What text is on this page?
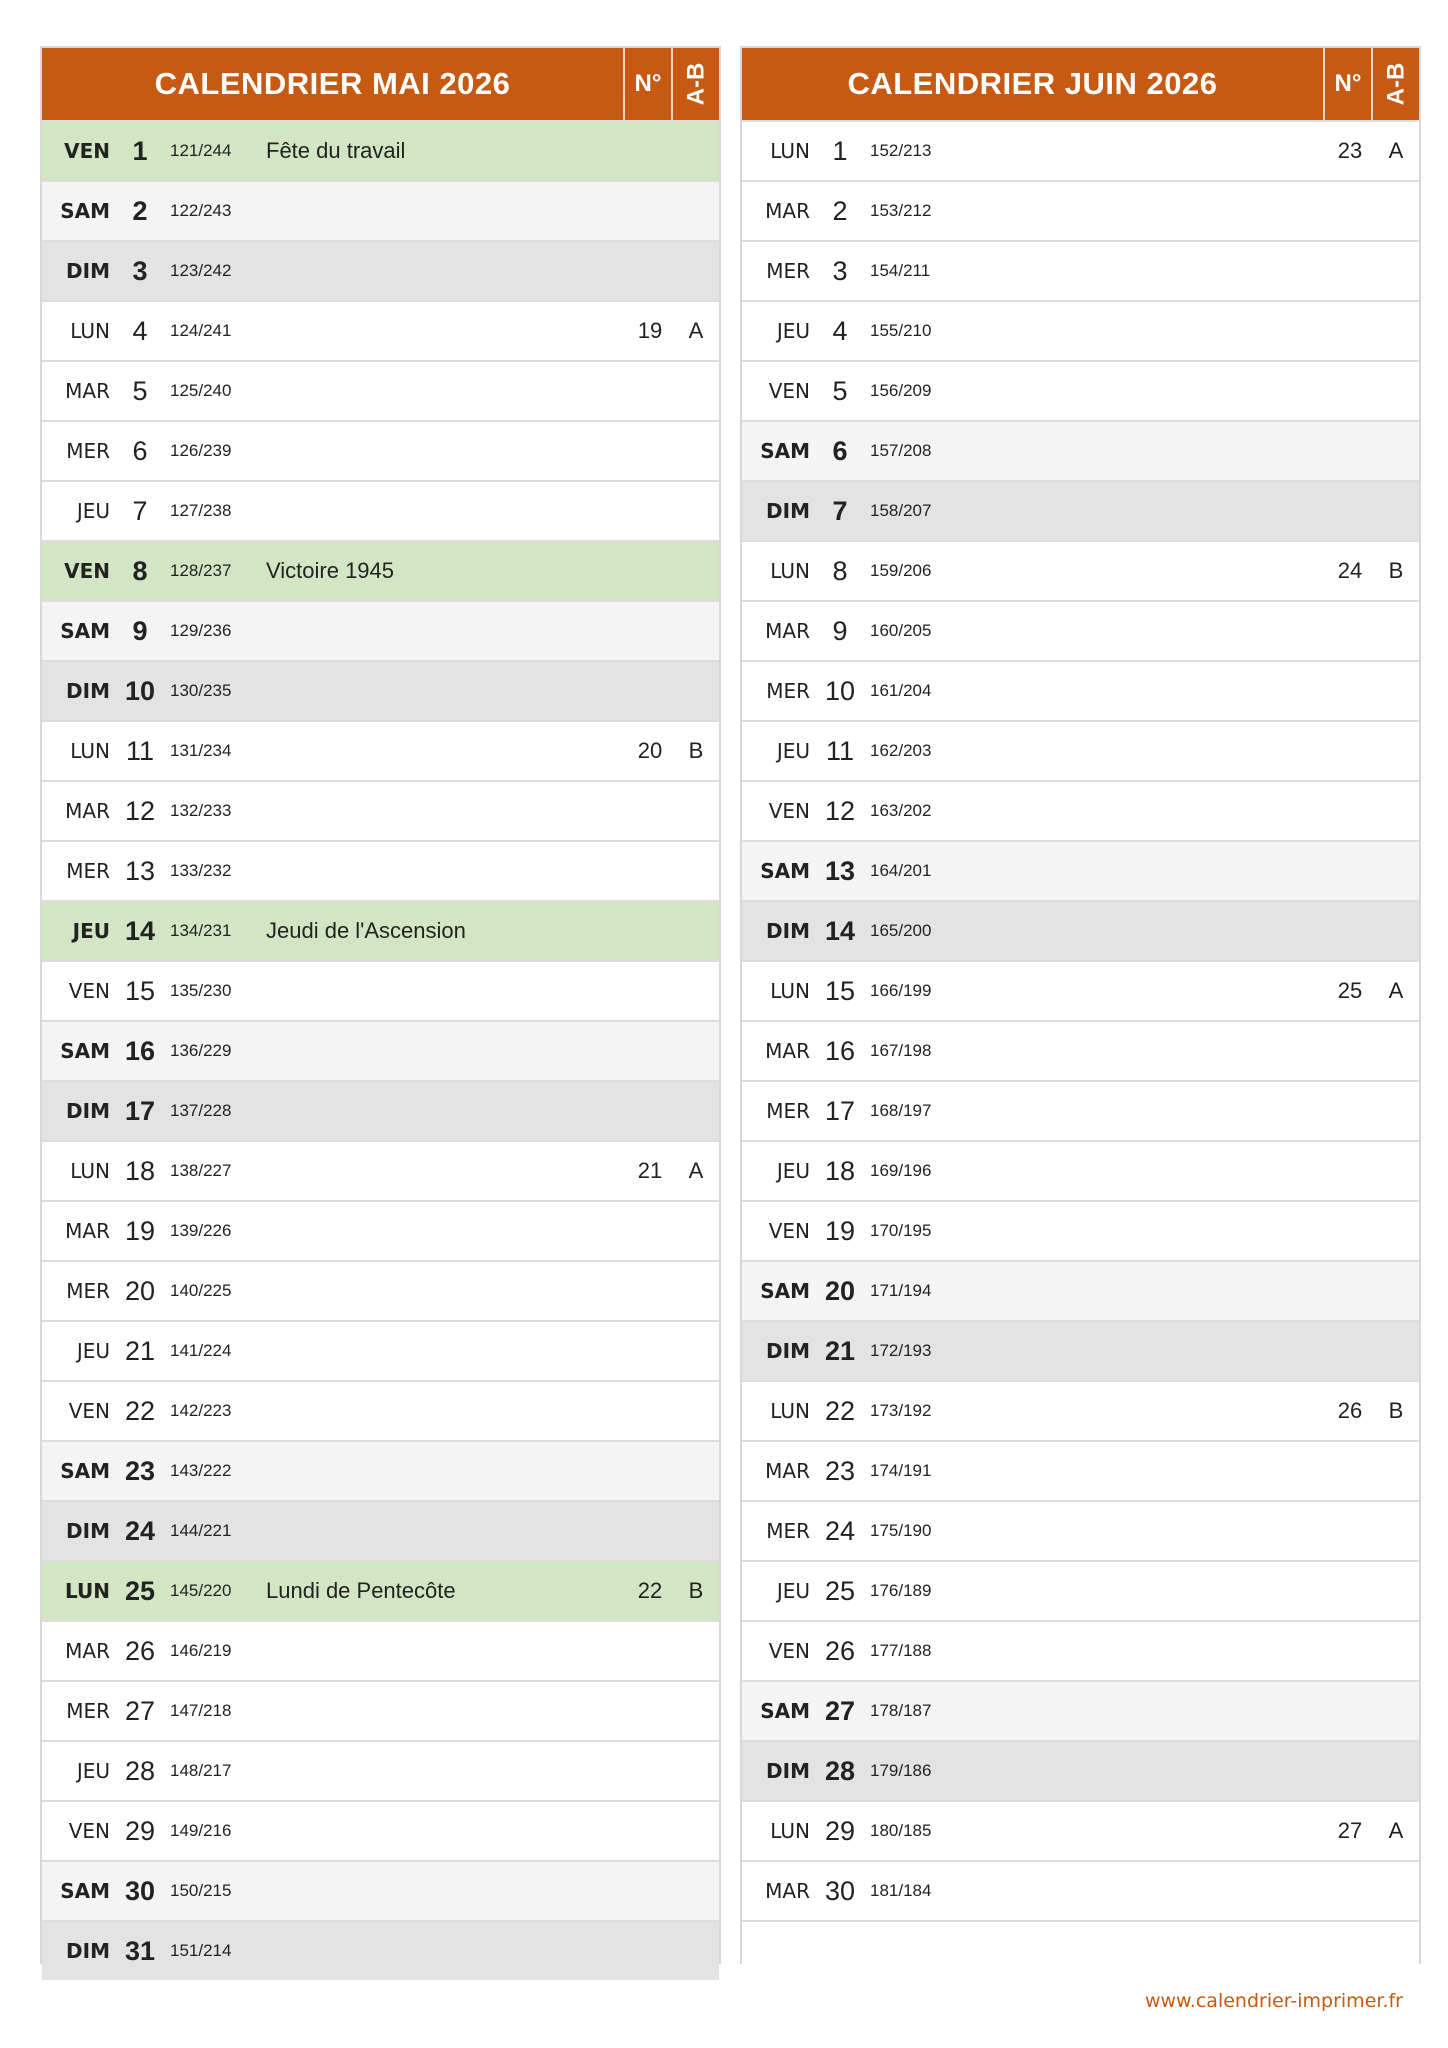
CALENDRIER MAI 2026	N° A-B
VEN 1	121/244	Fête du travail
SAM 2	122/243
DIM 3	123/242
LUN 4	124/241	19	A
MAR 5	125/240
MER 6	126/239
JEU 7	127/238
VEN 8	128/237	Victoire 1945
SAM 9	129/236
DIM 10 130/235
LUN 11 131/234	20	B
MAR 12 132/233
MER 13 133/232
JEU 14 134/231	Jeudi de l'Ascension
VEN 15 135/230
SAM 16 136/229
DIM 17 137/228
LUN 18 138/227	21	A
MAR 19 139/226
MER 20 140/225
JEU 21 141/224
VEN 22 142/223
SAM 23 143/222
DIM 24 144/221
LUN 25 145/220	Lundi de Pentecôte	22	B
MAR 26 146/219
MER 27 147/218
JEU 28 148/217
VEN 29 149/216
SAM 30 150/215
DIM 31 151/214
CALENDRIER JUIN 2026	N° A-B
LUN 1	152/213	23	A
MAR 2	153/212
MER 3	154/211
JEU 4	155/210
VEN 5	156/209
SAM 6	157/208
DIM 7	158/207
LUN 8	159/206	24	B
MAR 9	160/205
MER 10 161/204
JEU 11 162/203
VEN 12 163/202
SAM 13 164/201
DIM 14 165/200
LUN 15 166/199	25	A
MAR 16 167/198
MER 17 168/197
JEU 18 169/196
VEN 19 170/195
SAM 20 171/194
DIM 21 172/193
LUN 22 173/192	26	B
MAR 23 174/191
MER 24 175/190
JEU 25 176/189
VEN 26 177/188
SAM 27 178/187
DIM 28 179/186
LUN 29 180/185	27	A
MAR 30 181/184
www.calendrier-imprimer.fr
